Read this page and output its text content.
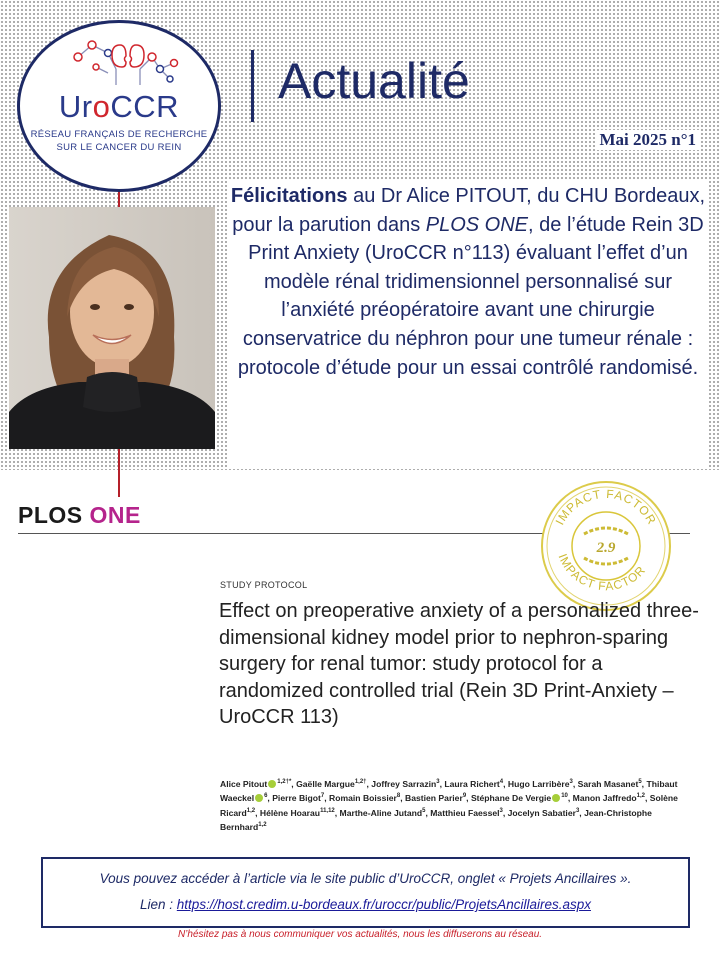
UroCCR
RÉSEAU FRANÇAIS DE RECHERCHE
SUR LE CANCER DU REIN
Actualité
Mai 2025 n°1
Félicitations au Dr Alice PITOUT, du CHU Bordeaux, pour la parution dans PLOS ONE, de l’étude Rein 3D Print Anxiety (UroCCR n°113) évaluant l’effet d’un modèle rénal tridimensionnel personnalisé sur l’anxiété préopératoire avant une chirurgie conservatrice du néphron pour une tumeur rénale : protocole d’étude pour un essai contrôlé randomisé.
PLOS ONE	IMPACT FACTOR
IMPACT FACTOR
2.9
STUDY PROTOCOL
Effect on preoperative anxiety of a personalized three-dimensional kidney model prior to nephron-sparing surgery for renal tumor: study protocol for a randomized controlled trial (Rein 3D Print-Anxiety – UroCCR 113)
Alice Pitout $^{1,2\dagger*}$, Gaëlle Margue$^{1,2\dagger}$, Joffrey Sarrazin$^3$, Laura Richert$^4$, Hugo Larribère$^3$, Sarah Masanet$^5$, Thibaut Waeckel $^6$, Pierre Bigot$^7$, Romain Boissier$^8$, Bastien Parier$^9$, Stéphane De Vergie $^{10}$, Manon Jaffredo$^{1,2}$, Solène Ricard$^{1,2}$, Hélène Hoarau$^{11,12}$, Marthe-Aline Jutand$^5$, Matthieu Faessel$^3$, Jocelyn Sabatier$^3$, Jean-Christophe Bernhard$^{1,2}$
Vous pouvez accéder à l’article via le site public d’UroCCR, onglet « Projets Ancillaires ».
Lien : https://host.credim.u-bordeaux.fr/uroccr/public/ProjetsAncillaires.aspx
N’hésitez pas à nous communiquer vos actualités, nous les diffuserons au réseau.
